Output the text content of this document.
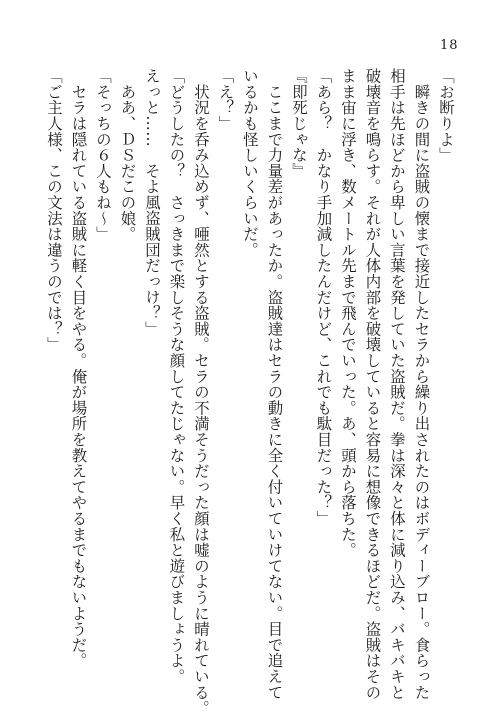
18
「お断りよ」
　瞬きの間に盗賊の懐まで接近したセラから繰り出されたのはボディーブロー。食らった
相手は先ほどから卑しい言葉を発していた盗賊だ。拳は深々と体に減り込み、バキバキと
破壊音を鳴らす。それが人体内部を破壊していると容易に想像できるほどだ。盗賊はその
まま宙に浮き、数メートル先まで飛んでいった。あ、頭から落ちた。
「あら？　かなり手加減したんだけど、これでも駄目だった？」
『即死じゃな』
　ここまで力量差があったか。盗賊達はセラの動きに全く付いていけてない。目で追えて
いるかも怪しいくらいだ。
「え？」
　状況を呑み込めず、唖然とする盗賊。セラの不満そうだった顔は嘘のように晴れている。
「どうしたの？　さっきまで楽しそうな顔してたじゃない。早く私と遊びましょうよ。
えっと……　そよ風盗賊団だっけ？」
　ああ、ＤＳだこの娘。
「そっちの６人もね～」
　セラは隠れている盗賊に軽く目をやる。俺が場所を教えてやるまでもないようだ。
「ご主人様、この文法は違うのでは？」
